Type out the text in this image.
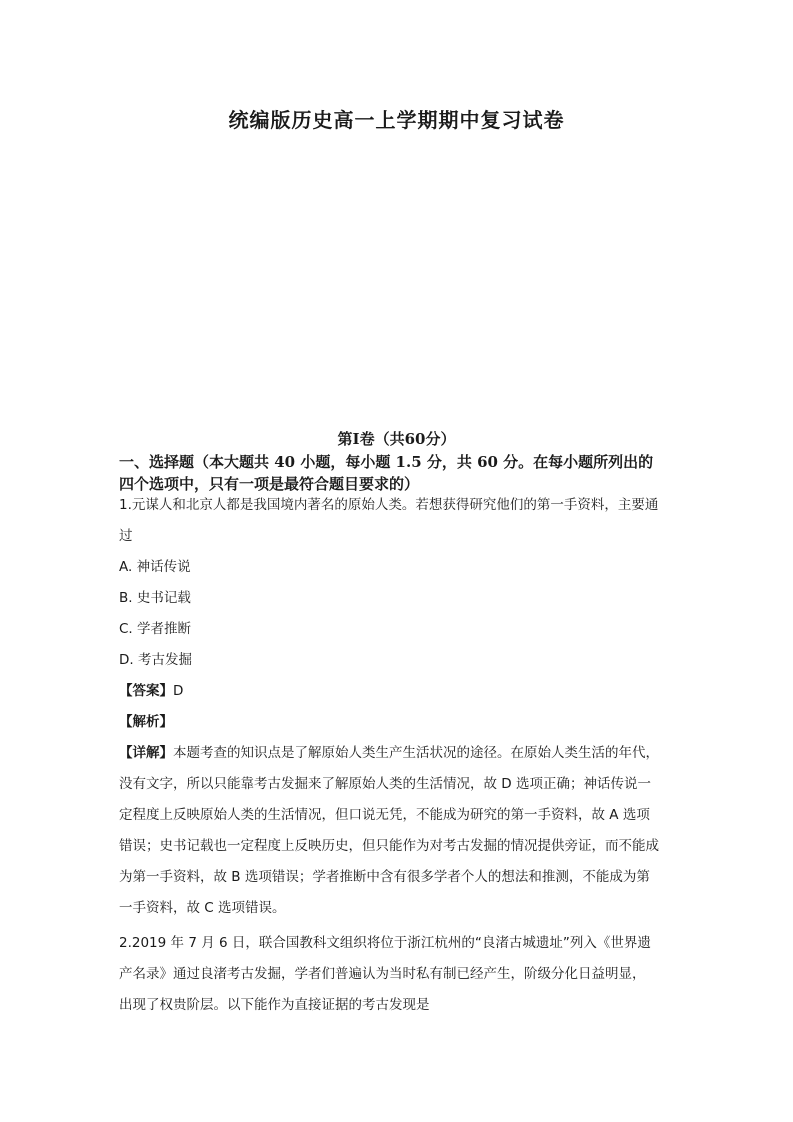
统编版历史高一上学期期中复习试卷
第Ⅰ卷（共60分）
一、选择题（本大题共 40 小题，每小题 1.5 分，共 60 分。在每小题所列出的
四个选项中，只有一项是最符合题目要求的）
1.元谋人和北京人都是我国境内著名的原始人类。若想获得研究他们的第一手资料，主要通
过
A. 神话传说
B. 史书记载
C. 学者推断
D. 考古发掘
【答案】D
【解析】
【详解】本题考查的知识点是了解原始人类生产生活状况的途径。在原始人类生活的年代，
没有文字，所以只能靠考古发掘来了解原始人类的生活情况，故 D 选项正确；神话传说一
定程度上反映原始人类的生活情况，但口说无凭，不能成为研究的第一手资料，故 A 选项
错误；史书记载也一定程度上反映历史，但只能作为对考古发掘的情况提供旁证，而不能成
为第一手资料，故 B 选项错误；学者推断中含有很多学者个人的想法和推测，不能成为第
一手资料，故 C 选项错误。
2.2019 年 7 月 6 日，联合国教科文组织将位于浙江杭州的“良渚古城遗址”列入《世界遗
产名录》通过良渚考古发掘，学者们普遍认为当时私有制已经产生，阶级分化日益明显，
出现了权贵阶层。以下能作为直接证据的考古发现是
